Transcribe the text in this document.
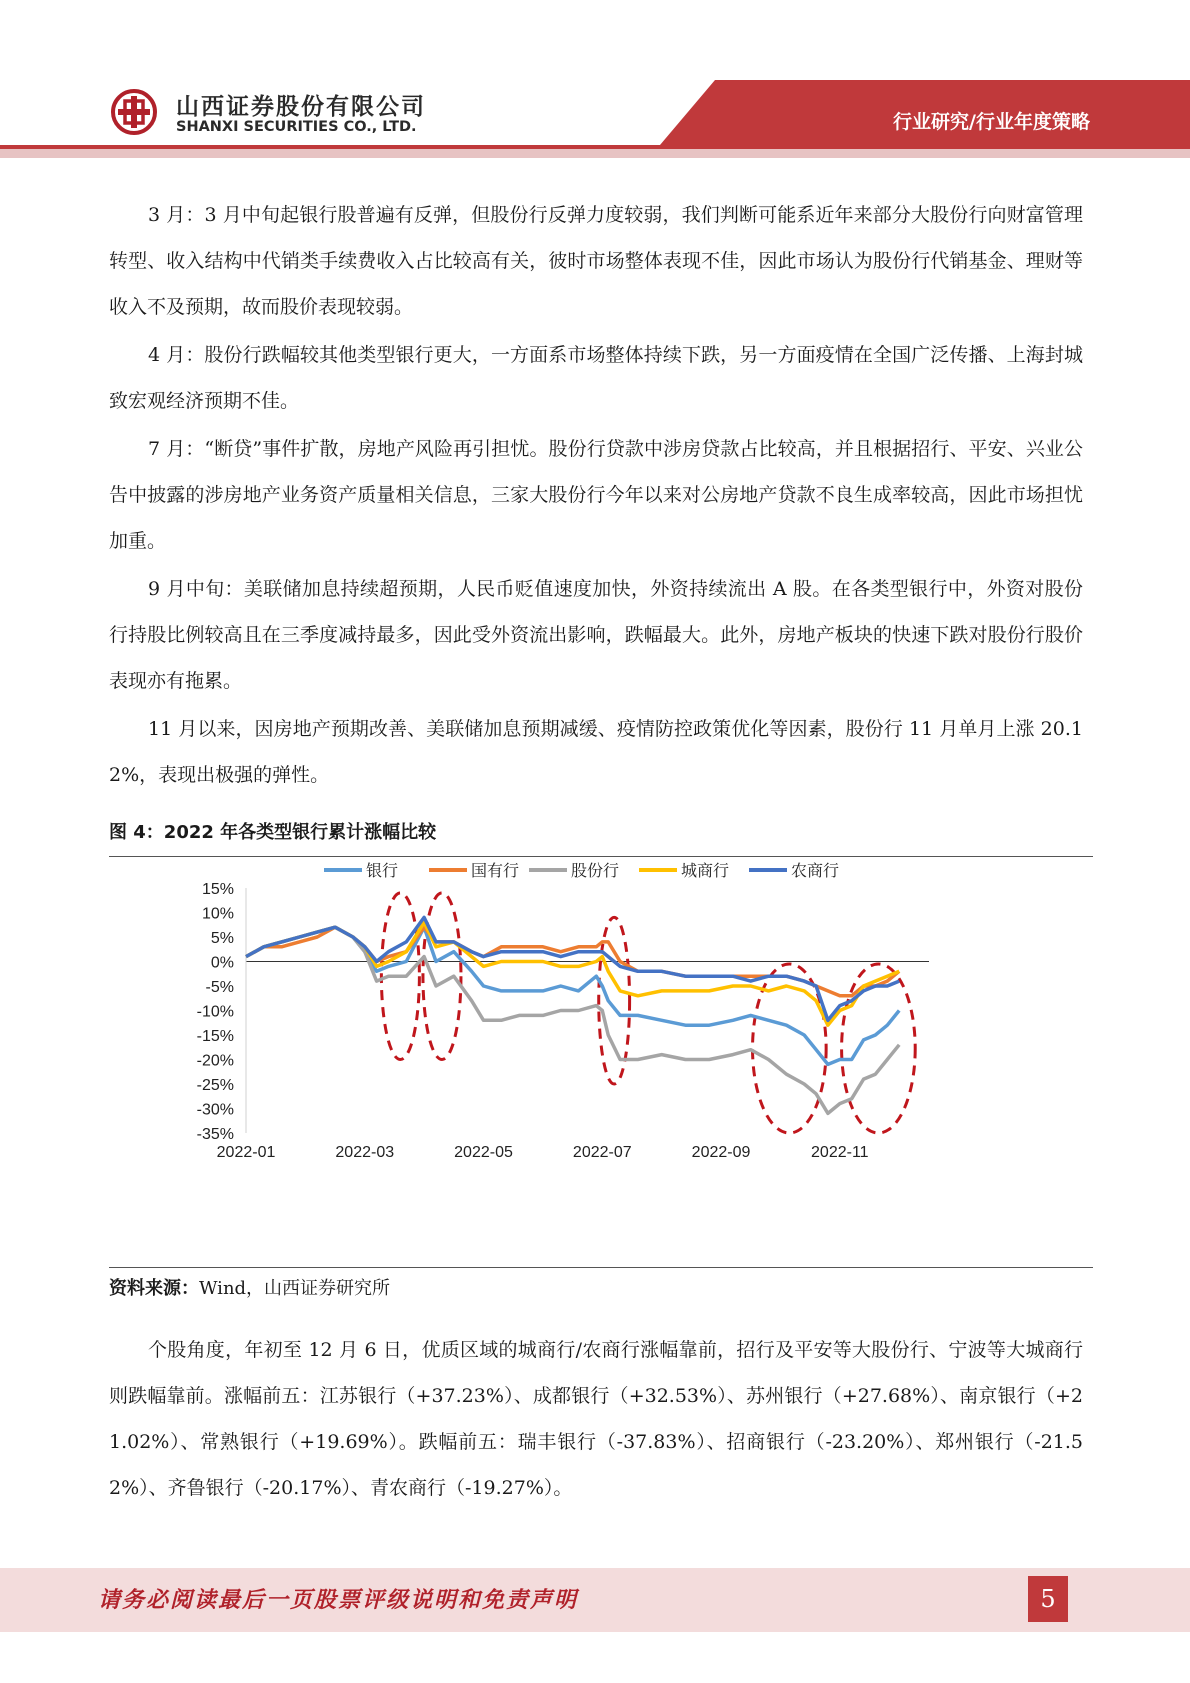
山西证券股份有限公司
SHANXI SECURITIES CO., LTD.	行业研究/行业年度策略

3 月：3 月中旬起银行股普遍有反弹，但股份行反弹力度较弱，我们判断可能系近年来部分大股份行向财富管理转型、收入结构中代销类手续费收入占比较高有关，彼时市场整体表现不佳，因此市场认为股份行代销基金、理财等收入不及预期，故而股价表现较弱。

4 月：股份行跌幅较其他类型银行更大，一方面系市场整体持续下跌，另一方面疫情在全国广泛传播、上海封城致宏观经济预期不佳。

7 月：“断贷”事件扩散，房地产风险再引担忧。股份行贷款中涉房贷款占比较高，并且根据招行、平安、兴业公告中披露的涉房地产业务资产质量相关信息，三家大股份行今年以来对公房地产贷款不良生成率较高，因此市场担忧加重。

9 月中旬：美联储加息持续超预期，人民币贬值速度加快，外资持续流出 A 股。在各类型银行中，外资对股份行持股比例较高且在三季度减持最多，因此受外资流出影响，跌幅最大。此外，房地产板块的快速下跌对股份行股价表现亦有拖累。

11 月以来，因房地产预期改善、美联储加息预期减缓、疫情防控政策优化等因素，股份行 11 月单月上涨 20.12%，表现出极强的弹性。

图 4：2022 年各类型银行累计涨幅比较
15%
10%
5%
0%
-5%
-10%
-15%
-20%
-25%
-30%
-35%
2022-01	2022-03	2022-05	2022-07	2022-09	2022-11
银行	国有行	股份行	城商行	农商行
资料来源：Wind，山西证券研究所

个股角度，年初至 12 月 6 日，优质区域的城商行/农商行涨幅靠前，招行及平安等大股份行、宁波等大城商行则跌幅靠前。涨幅前五：江苏银行（+37.23%）、成都银行（+32.53%）、苏州银行（+27.68%）、南京银行（+21.02%）、常熟银行（+19.69%）。跌幅前五：瑞丰银行（-37.83%）、招商银行（-23.20%）、郑州银行（-21.52%）、齐鲁银行（-20.17%）、青农商行（-19.27%）。

请务必阅读最后一页股票评级说明和免责声明	5
